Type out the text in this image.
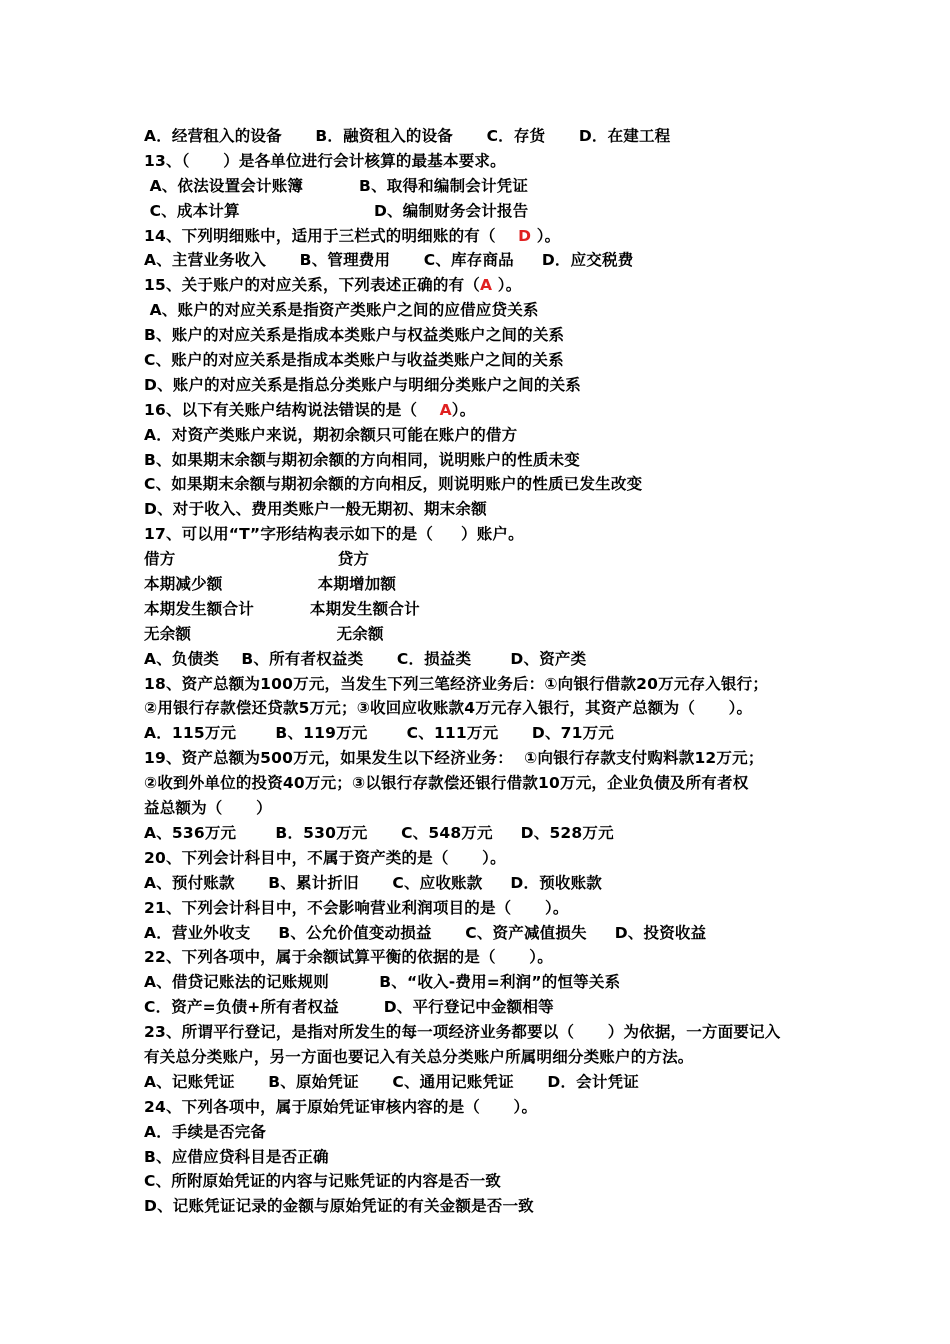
A．经营租入的设备      B．融资租入的设备      C．存货      D．在建工程
13、（      ）是各单位进行会计核算的最基本要求。
A、依法设置会计账簿          B、取得和编制会计凭证
C、成本计算                        D、编制财务会计报告
14、下列明细账中，适用于三栏式的明细账的有（    D ）。
A、主营业务收入      B、管理费用      C、库存商品     D．应交税费
15、关于账户的对应关系，下列表述正确的有（A ）。
A、账户的对应关系是指资产类账户之间的应借应贷关系
B、账户的对应关系是指成本类账户与权益类账户之间的关系
C、账户的对应关系是指成本类账户与收益类账户之间的关系
D、账户的对应关系是指总分类账户与明细分类账户之间的关系
16、以下有关账户结构说法错误的是（    A）。
A．对资产类账户来说，期初余额只可能在账户的借方
B、如果期末余额与期初余额的方向相同，说明账户的性质未变
C、如果期末余额与期初余额的方向相反，则说明账户的性质已发生改变
D、对于收入、费用类账户一般无期初、期末余额
17、可以用“T”字形结构表示如下的是（     ）账户。
借方                             贷方
本期减少额                 本期增加额
本期发生额合计          本期发生额合计
无余额                          无余额
A、负债类    B、所有者权益类      C．损益类       D、资产类
18、资产总额为100万元，当发生下列三笔经济业务后：①向银行借款20万元存入银行；
②用银行存款偿还贷款5万元；③收回应收账款4万元存入银行，其资产总额为（      ）。
A．115万元       B、119万元       C、111万元      D、71万元
19、资产总额为500万元，如果发生以下经济业务：  ①向银行存款支付购料款12万元；
②收到外单位的投资40万元；③以银行存款偿还银行借款10万元，企业负债及所有者权
益总额为（      ）
A、536万元       B．530万元      C、548万元     D、528万元
20、下列会计科目中，不属于资产类的是（      ）。
A、预付账款      B、累计折旧      C、应收账款     D．预收账款
21、下列会计科目中，不会影响营业利润项目的是（      ）。
A．营业外收支     B、公允价值变动损益      C、资产减值损失     D、投资收益
22、下列各项中，属于余额试算平衡的依据的是（      ）。
A、借贷记账法的记账规则         B、“收入-费用=利润”的恒等关系
C．资产=负债+所有者权益        D、平行登记中金额相等
23、所谓平行登记，是指对所发生的每一项经济业务都要以（      ）为依据，一方面要记入
有关总分类账户，另一方面也要记入有关总分类账户所属明细分类账户的方法。
A、记账凭证      B、原始凭证      C、通用记账凭证      D．会计凭证
24、下列各项中，属于原始凭证审核内容的是（      ）。
A．手续是否完备
B、应借应贷科目是否正确
C、所附原始凭证的内容与记账凭证的内容是否一致
D、记账凭证记录的金额与原始凭证的有关金额是否一致
